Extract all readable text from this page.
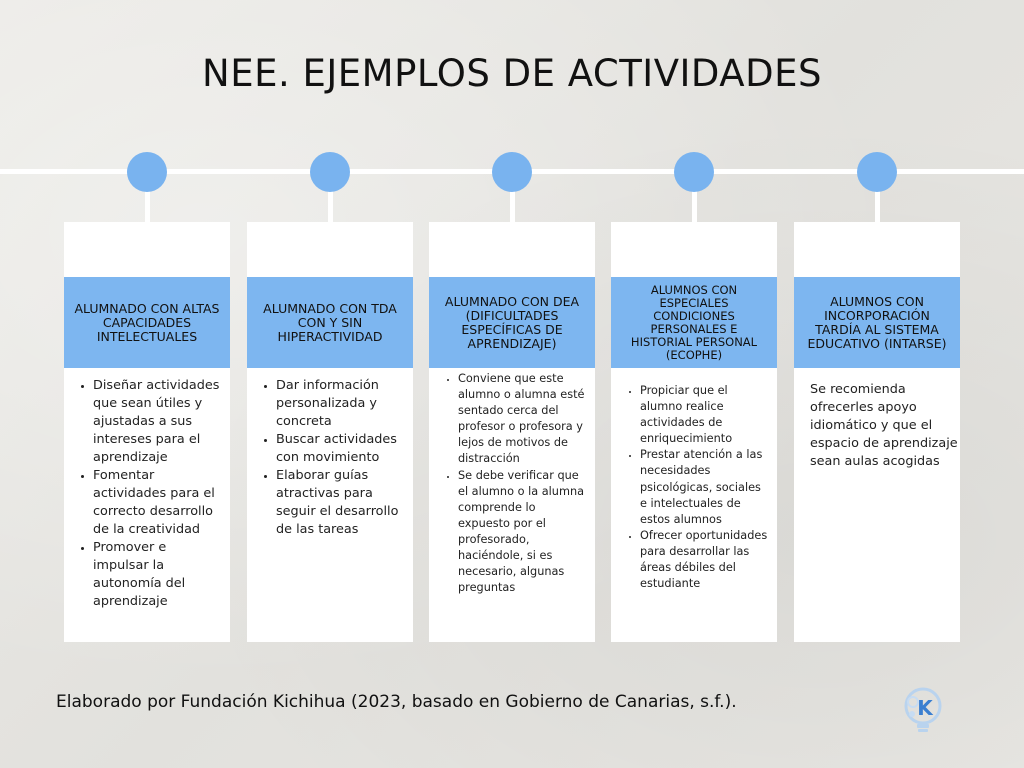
NEE. EJEMPLOS DE ACTIVIDADES
ALUMNADO CON ALTAS CAPACIDADES INTELECTUALES
• Diseñar actividades que sean útiles y ajustadas a sus intereses para el aprendizaje
• Fomentar actividades para el correcto desarrollo de la creatividad
• Promover e impulsar la autonomía del aprendizaje
ALUMNADO CON TDA CON Y SIN HIPERACTIVIDAD
• Dar información personalizada y concreta
• Buscar actividades con movimiento
• Elaborar guías atractivas para seguir el desarrollo de las tareas
ALUMNADO CON DEA (DIFICULTADES ESPECÍFICAS DE APRENDIZAJE)
• Conviene que este alumno o alumna esté sentado cerca del profesor o profesora y lejos de motivos de distracción
• Se debe verificar que el alumno o la alumna comprende lo expuesto por el profesorado, haciéndole, si es necesario, algunas preguntas
ALUMNOS CON ESPECIALES CONDICIONES PERSONALES E HISTORIAL PERSONAL (ECOPHE)
• Propiciar que el alumno realice actividades de enriquecimiento
• Prestar atención a las necesidades psicológicas, sociales e intelectuales de estos alumnos
• Ofrecer oportunidades para desarrollar las áreas débiles del estudiante
ALUMNOS CON INCORPORACIÓN TARDÍA AL SISTEMA EDUCATIVO (INTARSE)

Se recomienda ofrecerles apoyo idiomático y que el espacio de aprendizaje sean aulas acogidas

Elaborado por Fundación Kichihua (2023, basado en Gobierno de Canarias, s.f.).	K
